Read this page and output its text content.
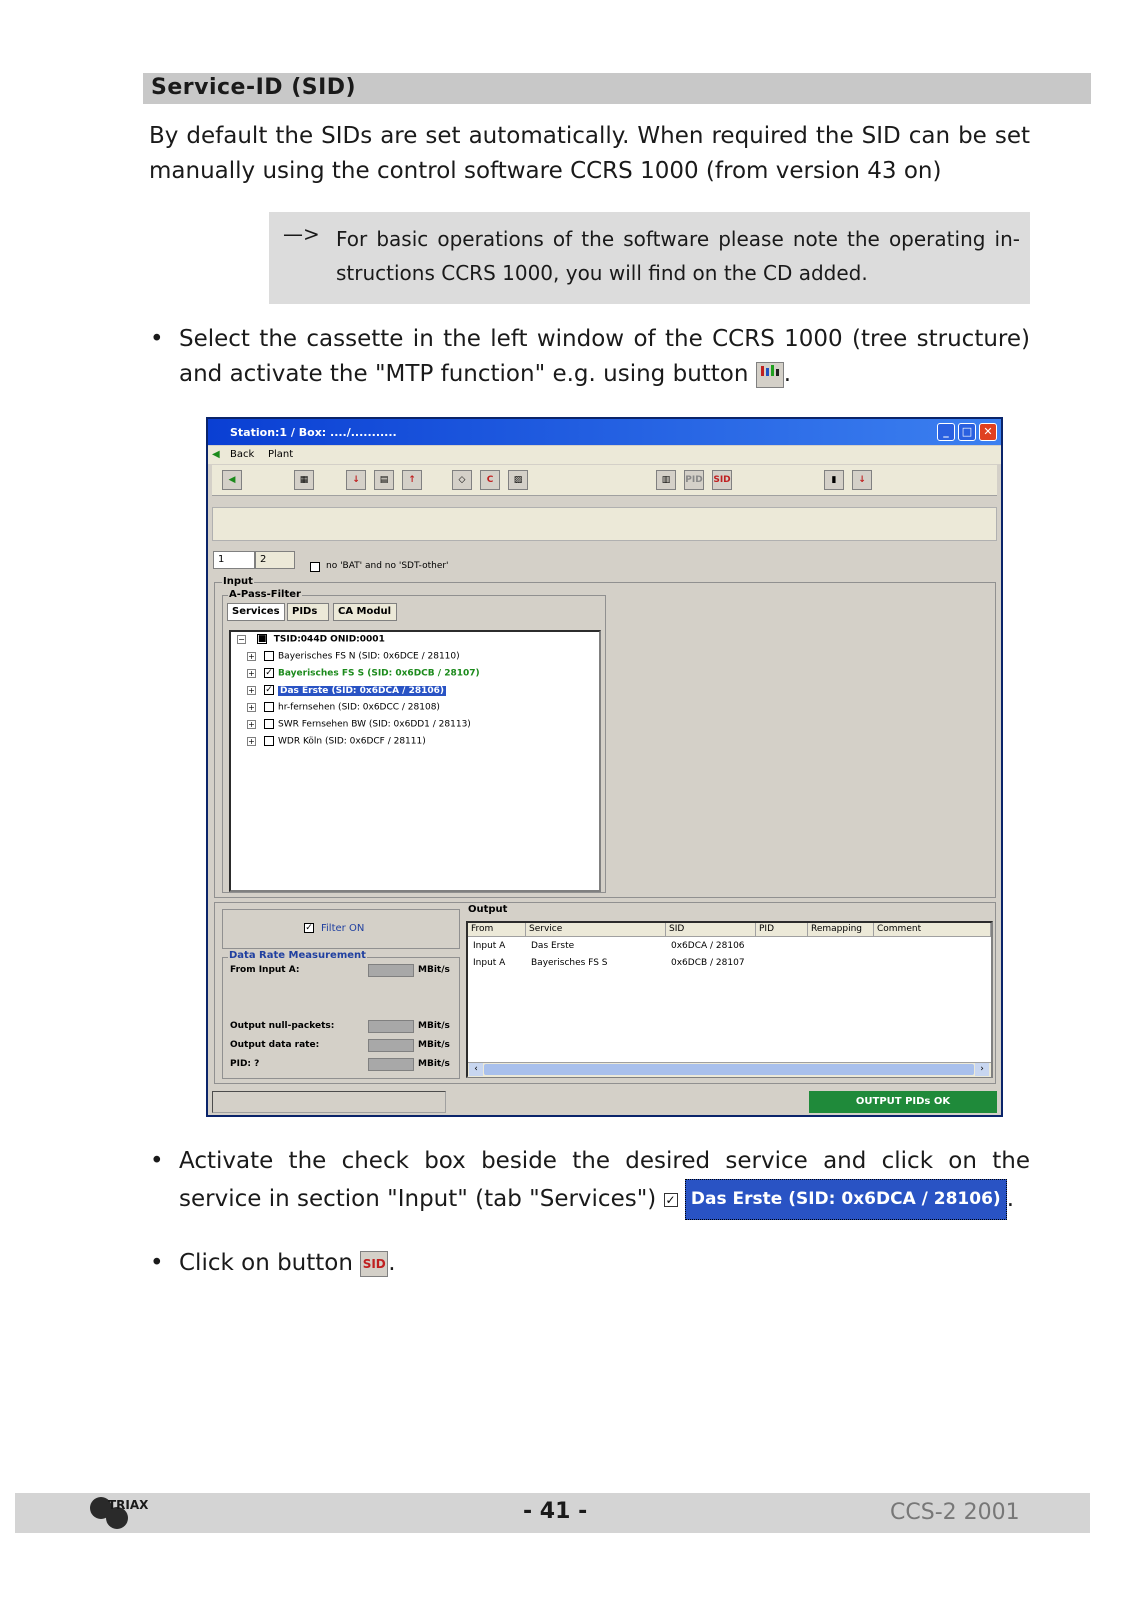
Service-ID (SID)
By default the SIDs are set automatically. When required the SID can be set manually using the control software CCRS 1000 (from version 43 on)
—> For basic operations of the software please note the operating in-structions CCRS 1000, you will find on the CD added.
• Select the cassette in the left window of the CCRS 1000 (tree structure) and activate the "MTP function" e.g. using button .
Station:1 / Box: ..../...........	_	□	✕
◀ Back Plant
◀	▦	↓	▤	↑	◇	C	▨	▥	PID SID	▮	↓
1	2
no 'BAT' and no 'SDT-other'
Input
A-Pass-Filter
Services	PIDs	CA Modul
− ■ TSID:044D ONID:0001
+	Bayerisches FS N (SID: 0x6DCE / 28110)
+ ✓ Bayerisches FS S (SID: 0x6DCB / 28107)
+ ✓ Das Erste (SID: 0x6DCA / 28106)
+	hr-fernsehen (SID: 0x6DCC / 28108)
+	SWR Fernsehen BW (SID: 0x6DD1 / 28113)
+	WDR Köln (SID: 0x6DCF / 28111)
✓ Filter ON
Data Rate Measurement
From Input A:	MBit/s
Output null-packets:	MBit/s
Output data rate:	MBit/s
PID: ?	MBit/s
Output
From	Service	SID	PID	Remapping	Comment
Input A	Das Erste	0x6DCA / 28106
Input A	Bayerisches FS S	0x6DCB / 28107
‹	›
OUTPUT PIDs OK
• Activate the check box beside the desired service and click on the service in section "Input" (tab "Services") ✓ Das Erste (SID: 0x6DCA / 28106) .
• Click on button SID .
TRIAX	- 41 -	CCS-2 2001
